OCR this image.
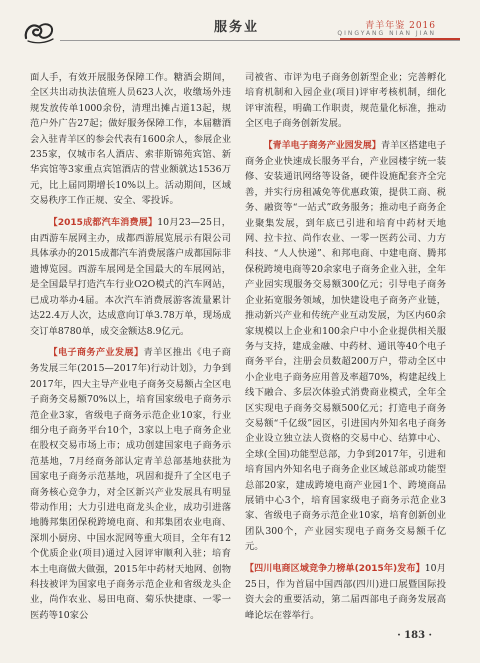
服务业	青羊年鉴 2016
QINGYANG NIAN JIAN

面人手，有效开展服务保障工作。糖酒会期间，全区共出动执法值班人员623人次，收缴场外违规发放传单1000余份，清理出摊占道13起，规范户外广告27起；做好服务保障工作，本届糖酒会入驻青羊区的参会代表有1600余人，参展企业235家，仅城市名人酒店、索菲斯锦苑宾馆、新华宾馆等3家重点宾馆酒店的营业额就达1536万元，比上届同期增长10%以上。活动期间，区域交易秩序工作正规、安全、零投诉。

【2015成都汽车消费展】10月23—25日，由西游车展网主办，成都西游展览展示有限公司具体承办的2015成都汽车消费展落户成都国际非遗博览园。西游车展网是全国最大的车展网站，是全国最早打造汽车行业O2O模式的汽车网站，已成功举办4届。本次汽车消费展游客流量累计达22.4万人次，达成意向订单3.78万单，现场成交订单8780单，成交金额达8.9亿元。

【电子商务产业发展】青羊区推出《电子商务发展三年(2015—2017年)行动计划》，力争到2017年，四大主导产业电子商务交易额占全区电子商务交易额70%以上，培育国家级电子商务示范企业3家，省级电子商务示范企业10家，行业细分电子商务平台10个，3家以上电子商务企业在股权交易市场上市；成功创建国家电子商务示范基地，7月经商务部认定青羊总部基地获批为国家电子商务示范基地，巩固和提升了全区电子商务核心竞争力，对全区新兴产业发展具有明显带动作用；大力引进电商龙头企业，成功引进落地腾邦集团保税跨境电商、和邦集团农业电商、深圳小厨房、中国水泥网等重大项目，全年有12个优质企业(项目)通过入园评审顺利入驻；培育本土电商做大做强，2015年中药材天地网、创物科技被评为国家电子商务示范企业和省级龙头企业，尚作农业、易田电商、菊乐快捷康、一零一医药等10家公

司被省、市评为电子商务创新型企业；完善孵化培育机制和入园企业(项目)评审考核机制，细化评审流程，明确工作职责，规范量化标准，推动全区电子商务创新发展。

【青羊电子商务产业园发展】青羊区搭建电子商务企业快速成长服务平台，产业园楼宇统一装修、安装通讯网络等设备，硬件设施配套齐全完善，并实行房租减免等优惠政策，提供工商、税务、融资等“一站式”政务服务；推动电子商务企业聚集发展，到年底已引进和培育中药材天地网、拉卡拉、尚作农业、一零一医药公司、力方科技、“人人快递”、和邦电商、中建电商、腾邦保税跨境电商等20余家电子商务企业入驻，全年产业园实现服务交易额300亿元；引导电子商务企业拓宽服务领域，加快建设电子商务产业链，推动新兴产业和传统产业互动发展，为区内60余家规模以上企业和100余户中小企业提供相关服务与支持，建成金融、中药材、通讯等40个电子商务平台，注册会员数超200万户，带动全区中小企业电子商务应用普及率超70%，构建起线上线下融合、多层次体验式消费商业模式，全年全区实现电子商务交易额500亿元；打造电子商务交易额“千亿级”园区，引进国内外知名电子商务企业设立独立法人资格的交易中心、结算中心、全球(全国)功能型总部，力争到2017年，引进和培育国内外知名电子商务企业区域总部或功能型总部20家，建成跨境电商产业园1个、跨境商品展销中心3个，培育国家级电子商务示范企业3家、省级电子商务示范企业10家，培育创新创业团队300个，产业园实现电子商务交易额千亿元。

【四川电商区域竞争力榜单(2015年)发布】10月25日，作为首届中国西部(四川)进口展暨国际投资大会的重要活动，第二届西部电子商务发展高峰论坛在蓉举行。

· 183 ·
